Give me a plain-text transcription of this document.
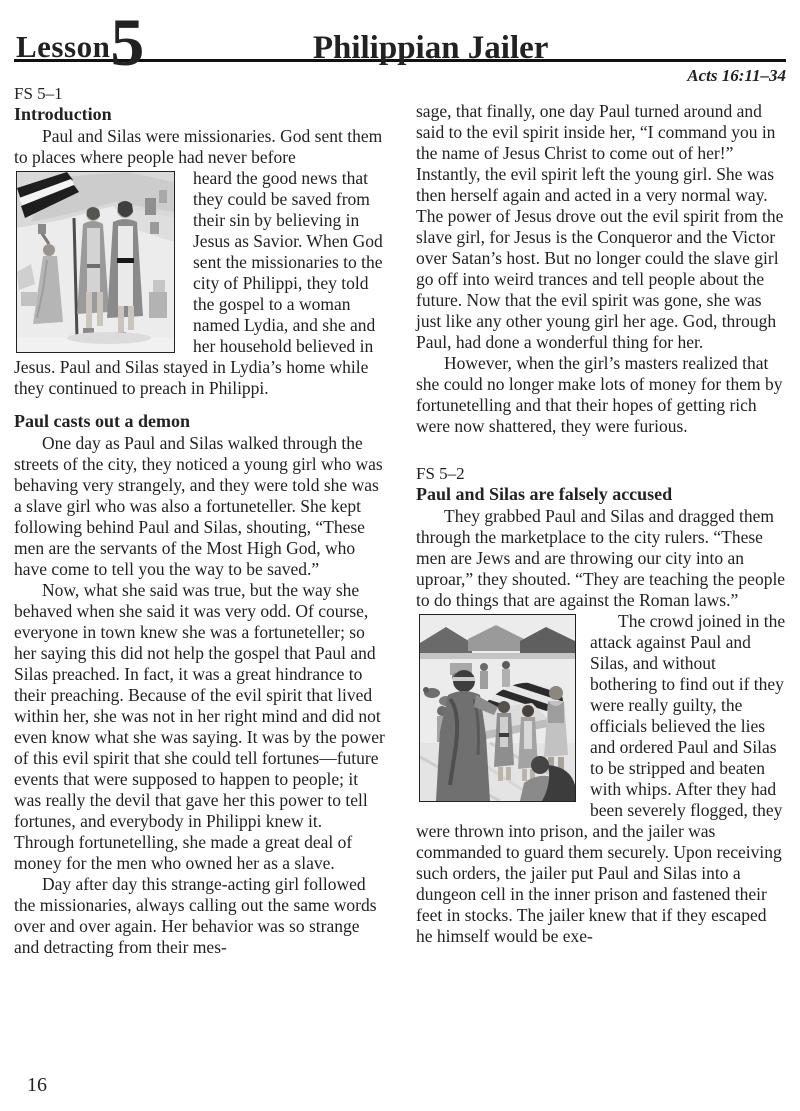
Lesson5	Philippian Jailer
Acts 16:11–34

FS 5–1

Introduction

Paul and Silas were missionaries. God sent them to places where people had never before

heard the good news that they could be saved from their sin by believing in Jesus as Savior. When God sent the missionaries to the city of Philippi, they told the gospel to a woman named Lydia, and she and her household believed in Jesus. Paul and Silas stayed in Lydia’s home while they continued to preach in Philippi.

Paul casts out a demon

One day as Paul and Silas walked through the streets of the city, they noticed a young girl who was behaving very strangely, and they were told she was a slave girl who was also a fortuneteller. She kept following behind Paul and Silas, shouting, “These men are the servants of the Most High God, who have come to tell you the way to be saved.”

Now, what she said was true, but the way she behaved when she said it was very odd. Of course, everyone in town knew she was a fortuneteller; so her saying this did not help the gospel that Paul and Silas preached. In fact, it was a great hindrance to their preaching. Because of the evil spirit that lived within her, she was not in her right mind and did not even know what she was saying. It was by the power of this evil spirit that she could tell fortunes—future events that were supposed to happen to people; it was really the devil that gave her this power to tell fortunes, and everybody in Philippi knew it. Through fortunetelling, she made a great deal of money for the men who owned her as a slave.

Day after day this strange-acting girl followed the missionaries, always calling out the same words over and over again. Her behavior was so strange and detracting from their mes-

sage, that finally, one day Paul turned around and said to the evil spirit inside her, “I command you in the name of Jesus Christ to come out of her!” Instantly, the evil spirit left the young girl. She was then herself again and acted in a very normal way. The power of Jesus drove out the evil spirit from the slave girl, for Jesus is the Conqueror and the Victor over Satan’s host. But no longer could the slave girl go off into weird trances and tell people about the future. Now that the evil spirit was gone, she was just like any other young girl her age. God, through Paul, had done a wonderful thing for her.

However, when the girl’s masters realized that she could no longer make lots of money for them by fortunetelling and that their hopes of getting rich were now shattered, they were furious.

FS 5–2

Paul and Silas are falsely accused

They grabbed Paul and Silas and dragged them through the marketplace to the city rulers. “These men are Jews and are throwing our city into an uproar,” they shouted. “They are teaching the people to do things that are against the Roman laws.”

The crowd joined in the attack against Paul and Silas, and without bothering to find out if they were really guilty, the officials believed the lies and ordered Paul and Silas to be stripped and beaten with whips. After they had been severely flogged, they were thrown into prison, and the jailer was commanded to guard them securely. Upon receiving such orders, the jailer put Paul and Silas into a dungeon cell in the inner prison and fastened their feet in stocks. The jailer knew that if they escaped he himself would be exe-

16
